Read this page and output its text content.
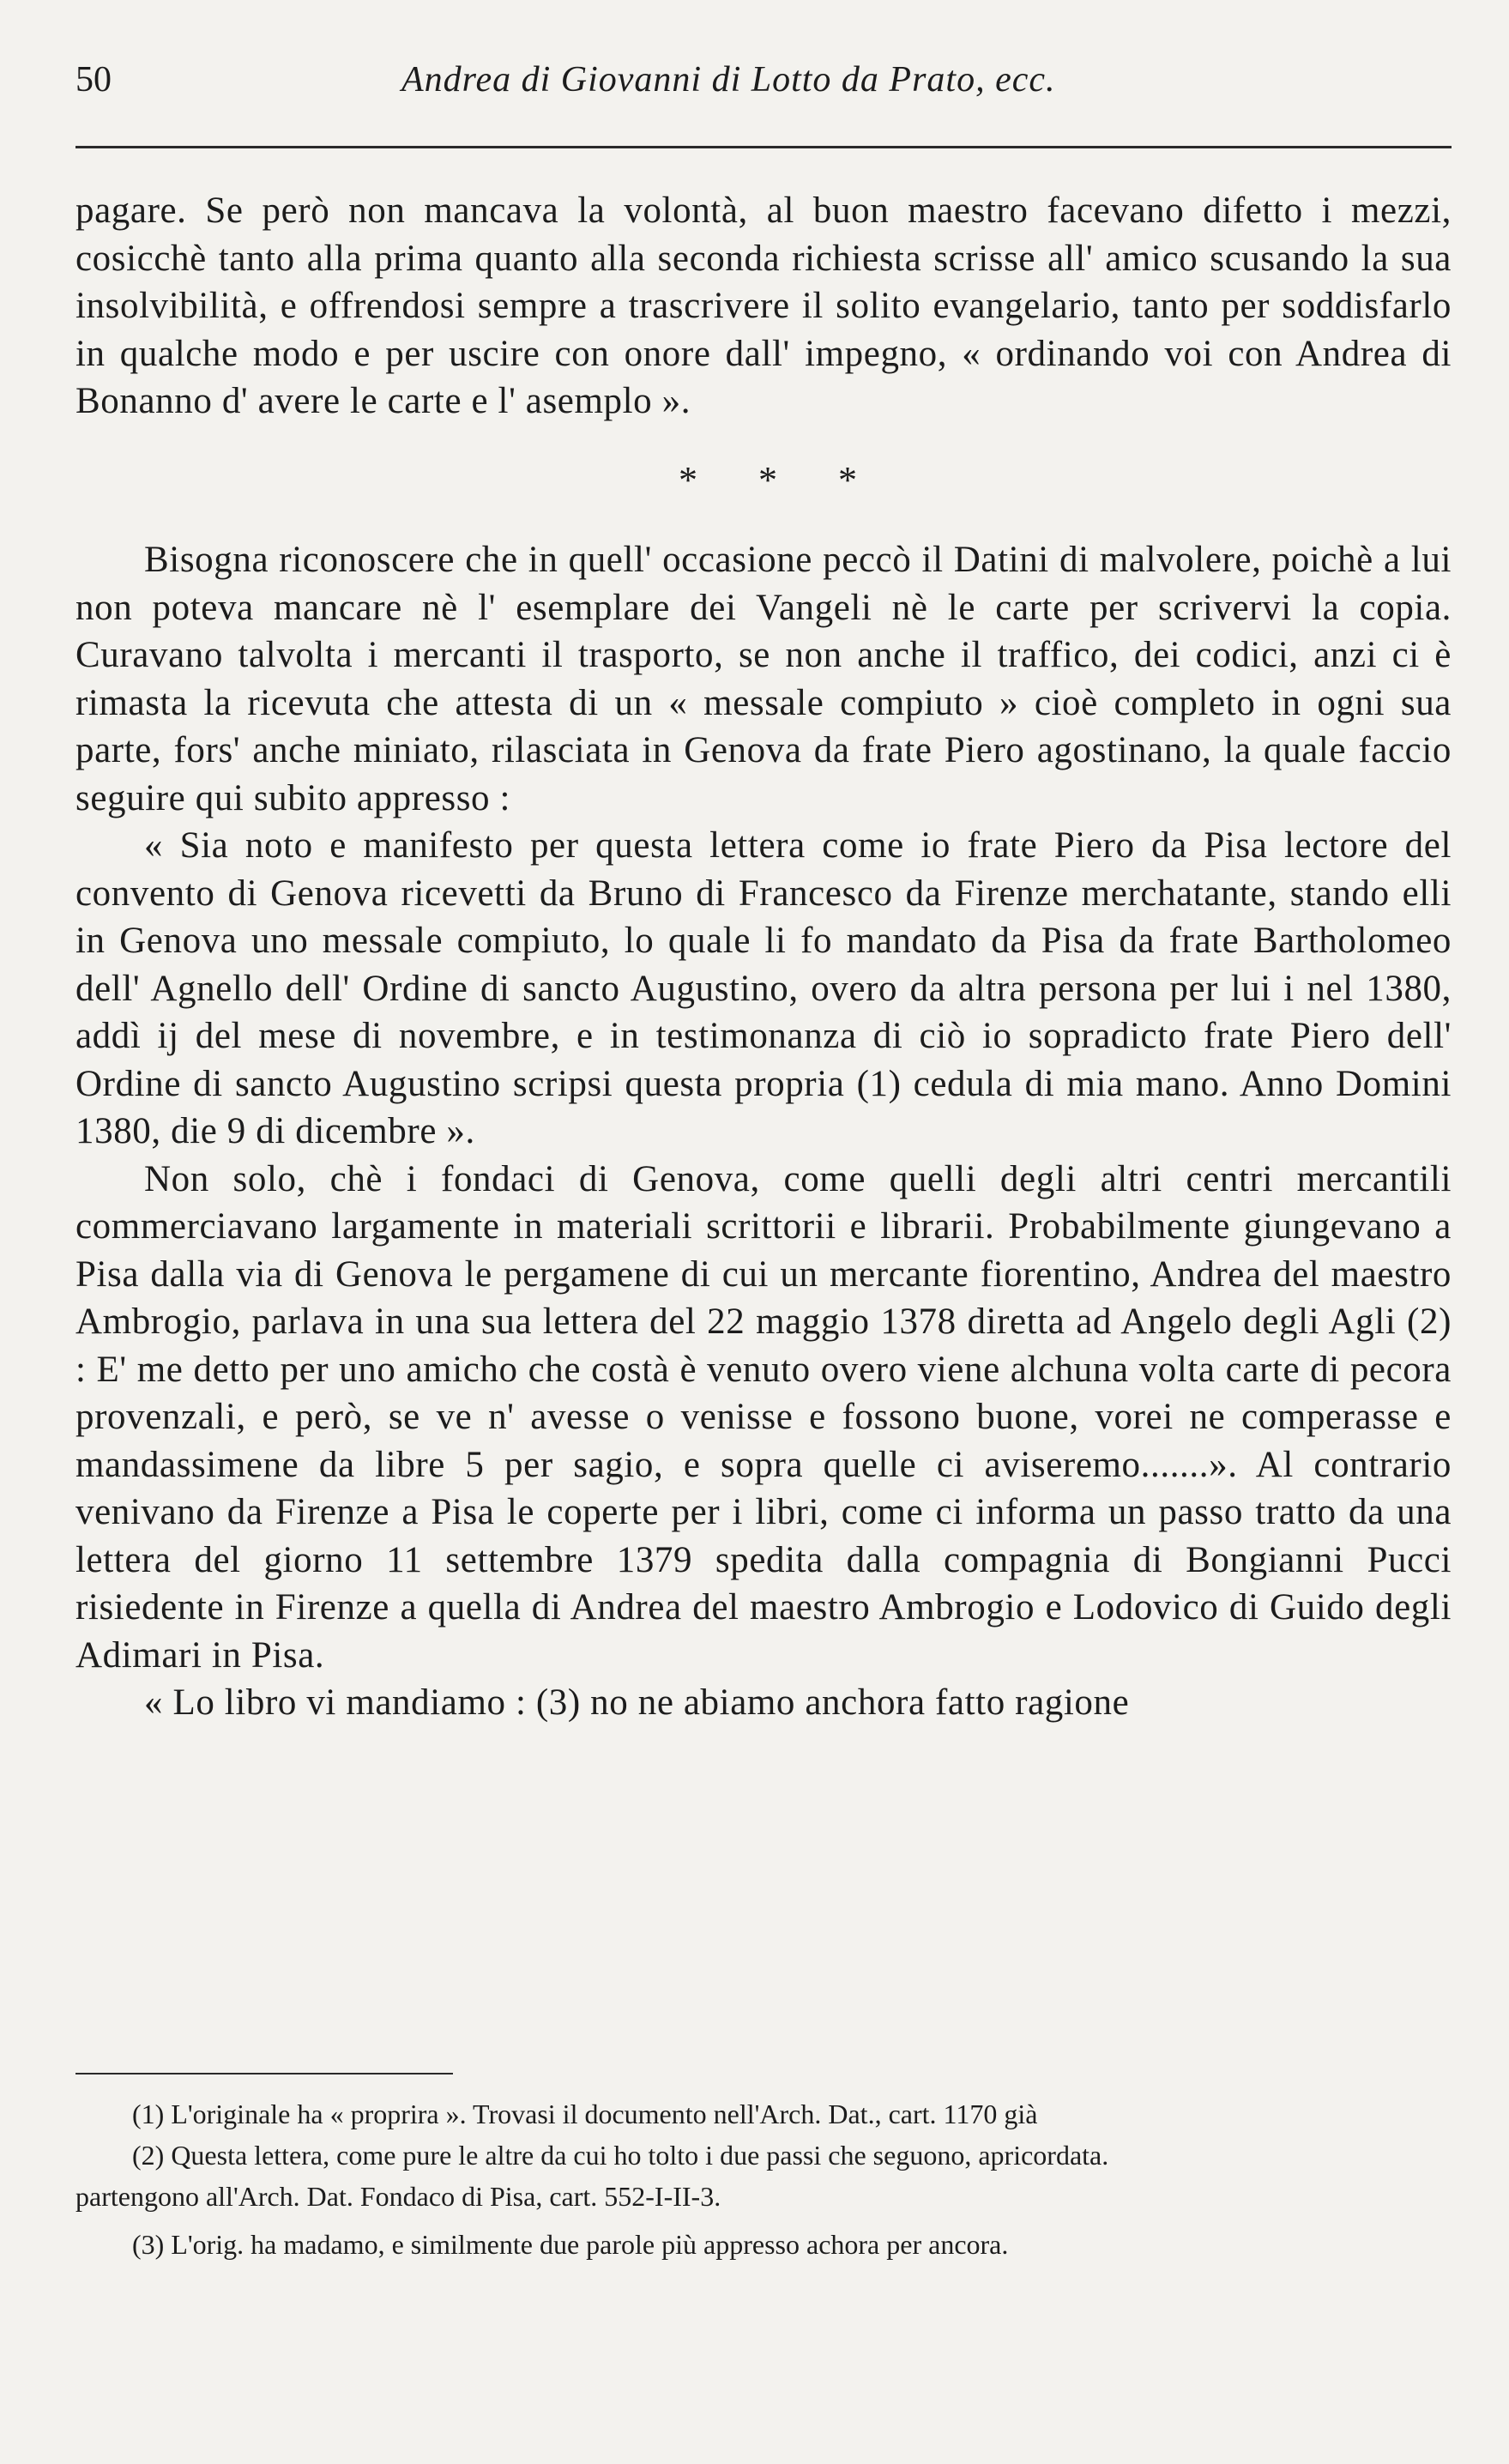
50	Andrea di Giovanni di Lotto da Prato, ecc.

pagare. Se però non mancava la volontà, al buon maestro facevano difetto i mezzi, cosicchè tanto alla prima quanto alla seconda richiesta scrisse all' amico scusando la sua insolvibilità, e offrendosi sempre a trascrivere il solito evangelario, tanto per soddisfarlo in qualche modo e per uscire con onore dall' impegno, « ordinando voi con Andrea di Bonanno d' avere le carte e l' asemplo ».

* * *

Bisogna riconoscere che in quell' occasione peccò il Datini di malvolere, poichè a lui non poteva mancare nè l' esemplare dei Vangeli nè le carte per scrivervi la copia. Curavano talvolta i mercanti il trasporto, se non anche il traffico, dei codici, anzi ci è rimasta la ricevuta che attesta di un « messale compiuto » cioè completo in ogni sua parte, fors' anche miniato, rilasciata in Genova da frate Piero agostinano, la quale faccio seguire qui subito appresso :

« Sia noto e manifesto per questa lettera come io frate Piero da Pisa lectore del convento di Genova ricevetti da Bruno di Francesco da Firenze merchatante, stando elli in Genova uno messale compiuto, lo quale li fo mandato da Pisa da frate Bartholomeo dell' Agnello dell' Ordine di sancto Augustino, overo da altra persona per lui i nel 1380, addì ij del mese di novembre, e in testimonanza di ciò io sopradicto frate Piero dell' Ordine di sancto Augustino scripsi questa propria (1) cedula di mia mano. Anno Domini 1380, die 9 di dicembre ».

Non solo, chè i fondaci di Genova, come quelli degli altri centri mercantili commerciavano largamente in materiali scrittorii e librarii. Probabilmente giungevano a Pisa dalla via di Genova le pergamene di cui un mercante fiorentino, Andrea del maestro Ambrogio, parlava in una sua lettera del 22 maggio 1378 diretta ad Angelo degli Agli (2) : E' me detto per uno amicho che costà è venuto overo viene alchuna volta carte di pecora provenzali, e però, se ve n' avesse o venisse e fossono buone, vorei ne comperasse e mandassimene da libre 5 per sagio, e sopra quelle ci aviseremo.......». Al contrario venivano da Firenze a Pisa le coperte per i libri, come ci informa un passo tratto da una lettera del giorno 11 settembre 1379 spedita dalla compagnia di Bongianni Pucci risiedente in Firenze a quella di Andrea del maestro Ambrogio e Lodovico di Guido degli Adimari in Pisa.

« Lo libro vi mandiamo : (3) no ne abiamo anchora fatto ragione

(1) L'originale ha « proprira ». Trovasi il documento nell'Arch. Dat., cart. 1170 già

(2) Questa lettera, come pure le altre da cui ho tolto i due passi che seguono, apricordata.

partengono all'Arch. Dat. Fondaco di Pisa, cart. 552-I-II-3.

(3) L'orig. ha madamo, e similmente due parole più appresso achora per ancora.
